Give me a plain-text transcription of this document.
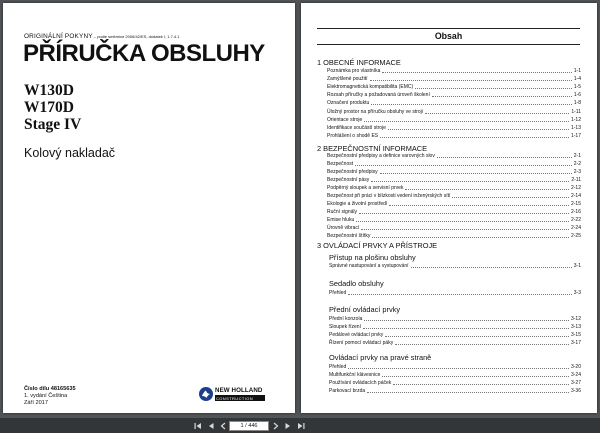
ORIGINÁLNÍ POKYNY – podle směrnice 2006/42/ES, dodatek I, 1.7.4.1
PŘÍRUČKA OBSLUHY
W130D
W170D
Stage IV
Kolový nakladač
Číslo dílu 48165635
1. vydání Čeština
Září 2017
NEW HOLLAND
CONSTRUCTION
Obsah
1 OBECNÉ INFORMACE
Poznámka pro vlastníka	1-1
Zamýšlené použití	1-4
Elektromagnetická kompatibilita (EMC)	1-5
Rozsah příručky a požadovaná úroveň školení	1-6
Označení produktu	1-8
Úložný prostor na příručku obsluhy ve stroji	1-11
Orientace stroje	1-12
Identifikace součástí stroje	1-13
Prohlášení o shodě ES	1-17
2 BEZPEČNOSTNÍ INFORMACE
Bezpečnostní předpisy a definice varovných slov	2-1
Bezpečnost	2-2
Bezpečnostní předpisy	2-3
Bezpečnostní pásy	2-11
Podpěrný sloupek a servisní prvek	2-12
Bezpečnost při práci v blízkosti vedení inženýrských sítí	2-14
Ekologie a životní prostředí	2-15
Ruční signály	2-16
Emise hluku	2-22
Úrovně vibrací	2-24
Bezpečnostní štítky	2-25
3 OVLÁDACÍ PRVKY A PŘÍSTROJE
Přístup na plošinu obsluhy
Správné nastupování a vystupování	3-1
Sedadlo obsluhy
Přehled	3-3
Přední ovládací prvky
Přední konzola	3-12
Sloupek řízení	3-13
Pedálové ovládací prvky	3-15
Řízení pomocí ovládací páky	3-17
Ovládací prvky na pravé straně
Přehled	3-20
Multifunkční klávesnice	3-24
Používání ovládacích páček	3-27
Parkovací brzda	3-36
1 / 446
